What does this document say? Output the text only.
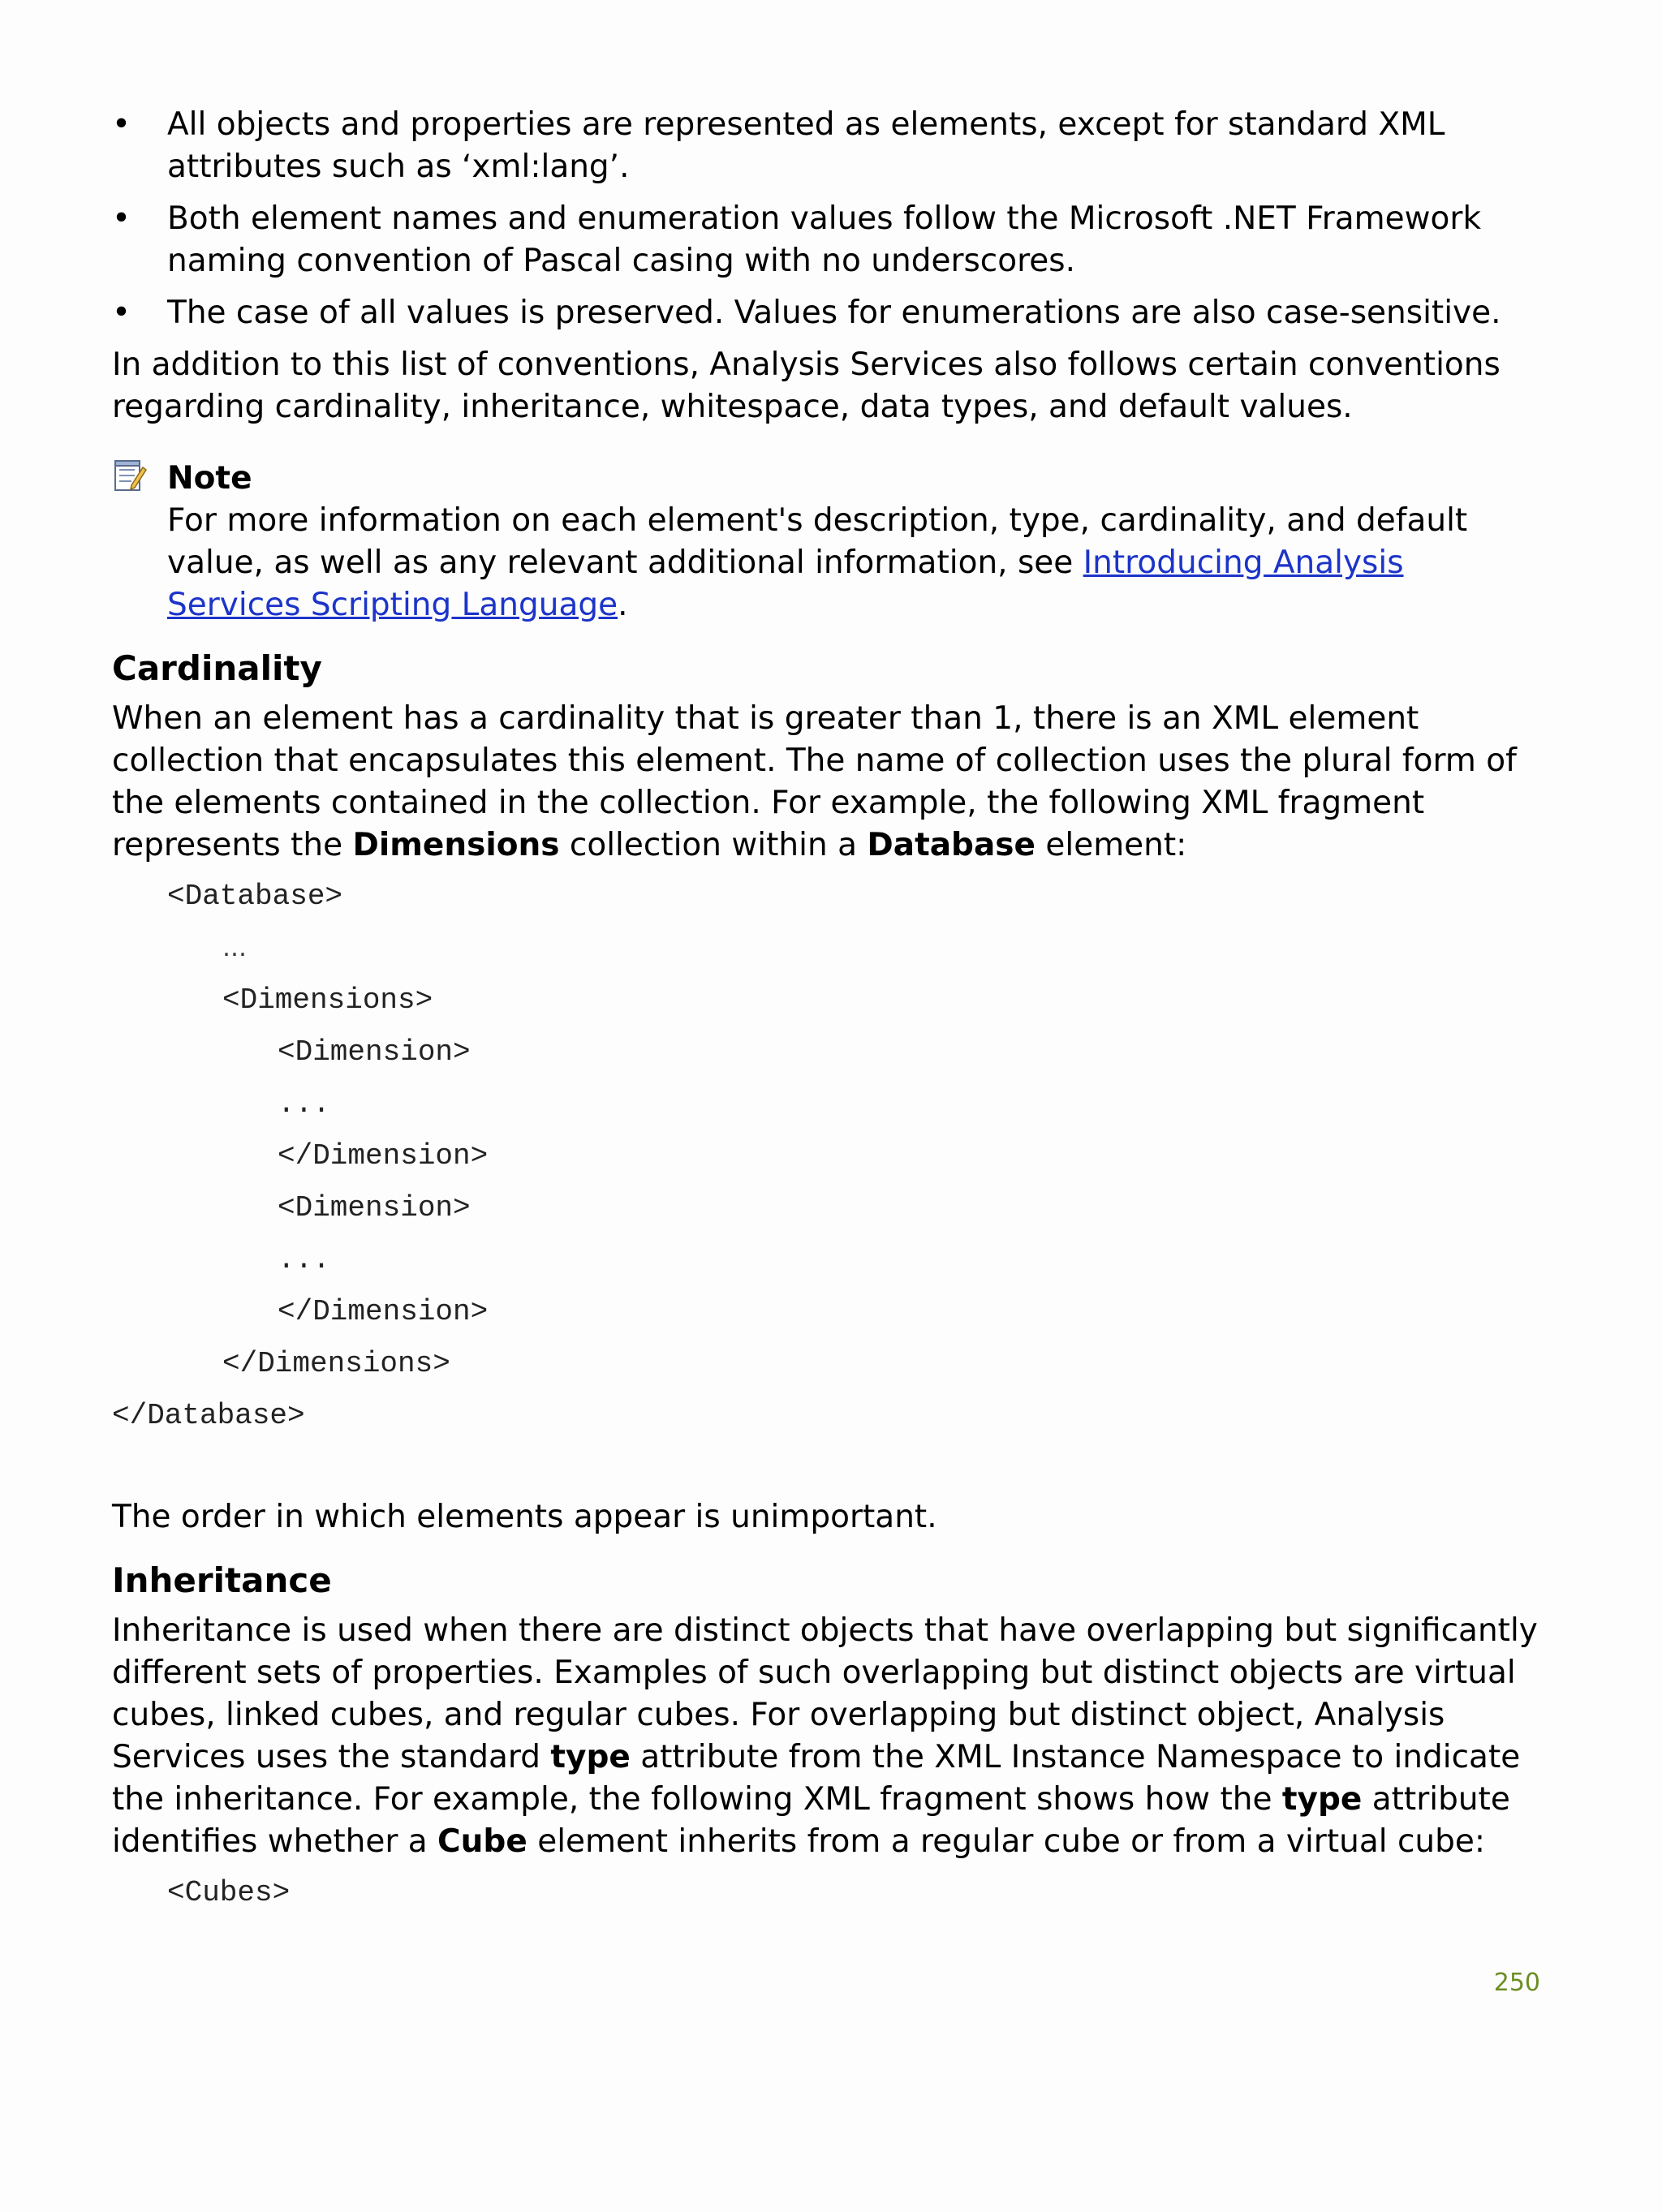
•	All objects and properties are represented as elements, except for standard XML attributes such as ‘xml:lang’.
•	Both element names and enumeration values follow the Microsoft .NET Framework naming convention of Pascal casing with no underscores.
•	The case of all values is preserved. Values for enumerations are also case-sensitive.

In addition to this list of conventions, Analysis Services also follows certain conventions regarding cardinality, inheritance, whitespace, data types, and default values.

Note
For more information on each element's description, type, cardinality, and default value, as well as any relevant additional information, see Introducing Analysis Services Scripting Language.
Cardinality

When an element has a cardinality that is greater than 1, there is an XML element collection that encapsulates this element. The name of collection uses the plural form of the elements contained in the collection. For example, the following XML fragment represents the Dimensions collection within a Database element:

<Database>
…
<Dimensions>
<Dimension>
...
</Dimension>
<Dimension>
...
</Dimension>
</Dimensions>
</Database>

The order in which elements appear is unimportant.

Inheritance

Inheritance is used when there are distinct objects that have overlapping but significantly different sets of properties. Examples of such overlapping but distinct objects are virtual cubes, linked cubes, and regular cubes. For overlapping but distinct object, Analysis Services uses the standard type attribute from the XML Instance Namespace to indicate the inheritance. For example, the following XML fragment shows how the type attribute identifies whether a Cube element inherits from a regular cube or from a virtual cube:

<Cubes>
250
